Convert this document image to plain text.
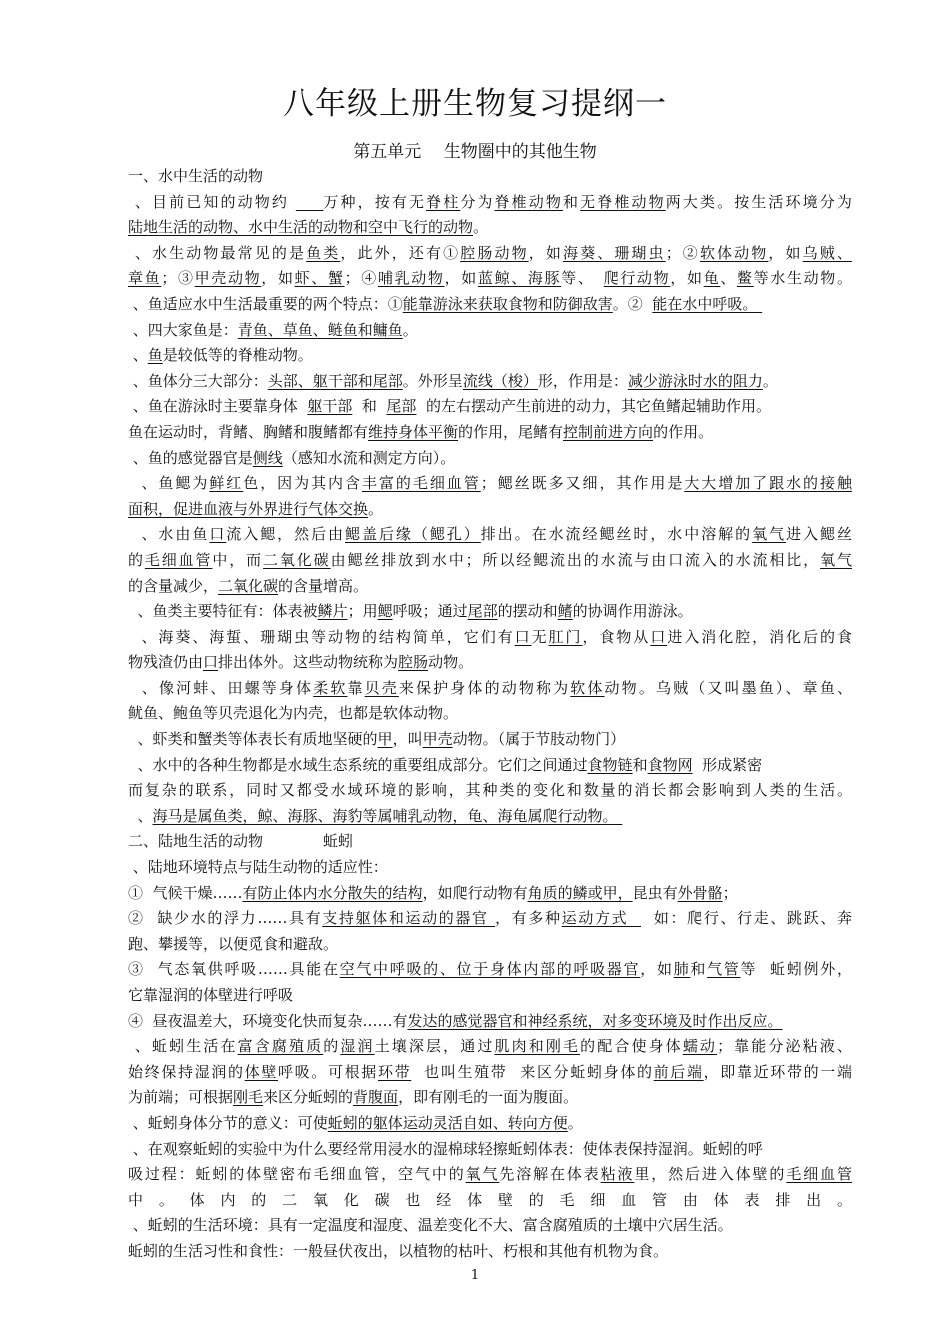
八年级上册生物复习提纲一
第五单元　 生物圈中的其他生物
一、水中生活的动物
、目前已知的动物约     万种，按有无脊柱分为脊椎动物和无脊椎动物两大类。按生活环境分为
陆地生活的动物、水中生活的动物和空中飞行的动物。
、水生动物最常见的是鱼类，此外，还有①腔肠动物，如海葵、珊瑚虫；②软体动物，如乌贼、
章鱼；③甲壳动物，如虾、蟹；④哺乳动物，如蓝鲸、海豚等、　爬行动物，如龟、鳖等水生动物。
、鱼适应水中生活最重要的两个特点：①能靠游泳来获取食物和防御敌害。②  能在水中呼吸。
、四大家鱼是：青鱼、草鱼、鲢鱼和鳙鱼。
、鱼是较低等的脊椎动物。
、鱼体分三大部分：头部、躯干部和尾部。外形呈流线（梭）形，作用是：减少游泳时水的阻力。
、鱼在游泳时主要靠身体  躯干部  和  尾部  的左右摆动产生前进的动力，其它鱼鳍起辅助作用。
鱼在运动时，背鳍、胸鳍和腹鳍都有维持身体平衡的作用，尾鳍有控制前进方向的作用。
、鱼的感觉器官是侧线（感知水流和测定方向）。
、鱼鳃为鲜红色，因为其内含丰富的毛细血管；鳃丝既多又细，其作用是大大增加了跟水的接触
面积，促进血液与外界进行气体交换。
、水由鱼口流入鳃，然后由鳃盖后缘（鳃孔）排出。在水流经鳃丝时，水中溶解的氧气进入鳃丝
的毛细血管中，而二氧化碳由鳃丝排放到水中；所以经鳃流出的水流与由口流入的水流相比，氧气
的含量减少，二氧化碳的含量增高。
、鱼类主要特征有：体表被鳞片；用鳃呼吸；通过尾部的摆动和鳍的协调作用游泳。
、海葵、海蜇、珊瑚虫等动物的结构简单，它们有口无肛门，食物从口进入消化腔，消化后的食
物残渣仍由口排出体外。这些动物统称为腔肠动物。
、像河蚌、田螺等身体柔软靠贝壳来保护身体的动物称为软体动物。乌贼（又叫墨鱼）、章鱼、
鱿鱼、鲍鱼等贝壳退化为内壳，也都是软体动物。
、虾类和蟹类等体表长有质地坚硬的甲，叫甲壳动物。（属于节肢动物门）
、水中的各种生物都是水域生态系统的重要组成部分。它们之间通过食物链和食物网  形成紧密
而复杂的联系，同时又都受水域环境的影响，其种类的变化和数量的消长都会影响到人类的生活。
、海马是属鱼类，鲸、海豚、海豹等属哺乳动物，龟、海龟属爬行动物。
二、陆地生活的动物　　　　蚯蚓
、陆地环境特点与陆生动物的适应性：
①  气候干燥……有防止体内水分散失的结构，如爬行动物有角质的鳞或甲，昆虫有外骨骼；
②  缺少水的浮力……具有支持躯体和运动的器官 ，有多种运动方式    如：爬行、行走、跳跃、奔
跑、攀援等，以便觅食和避敌。
③  气态氧供呼吸……具能在空气中呼吸的、位于身体内部的呼吸器官，如肺和气管等  蚯蚓例外，
它靠湿润的体壁进行呼吸
④  昼夜温差大，环境变化快而复杂……有发达的感觉器官和神经系统，对多变环境及时作出反应。
、蚯蚓生活在富含腐殖质的湿润土壤深层，通过肌肉和刚毛的配合使身体蠕动；靠能分泌粘液、
始终保持湿润的体壁呼吸。可根据环带  也叫生殖带  来区分蚯蚓身体的前后端，即靠近环带的一端
为前端；可根据刚毛来区分蚯蚓的背腹面，即有刚毛的一面为腹面。
、蚯蚓身体分节的意义：可使蚯蚓的躯体运动灵活自如、转向方便。
、在观察蚯蚓的实验中为什么要经常用浸水的湿棉球轻擦蚯蚓体表：使体表保持湿润。蚯蚓的呼
吸过程：蚯蚓的体壁密布毛细血管，空气中的氧气先溶解在体表粘液里，然后进入体壁的毛细血管
中。体内的二氧化碳也经体壁的毛细血管由体表排出。
、蚯蚓的生活环境：具有一定温度和湿度、温差变化不大、富含腐殖质的土壤中穴居生活。
蚯蚓的生活习性和食性：一般昼伏夜出，以植物的枯叶、朽根和其他有机物为食。
1
